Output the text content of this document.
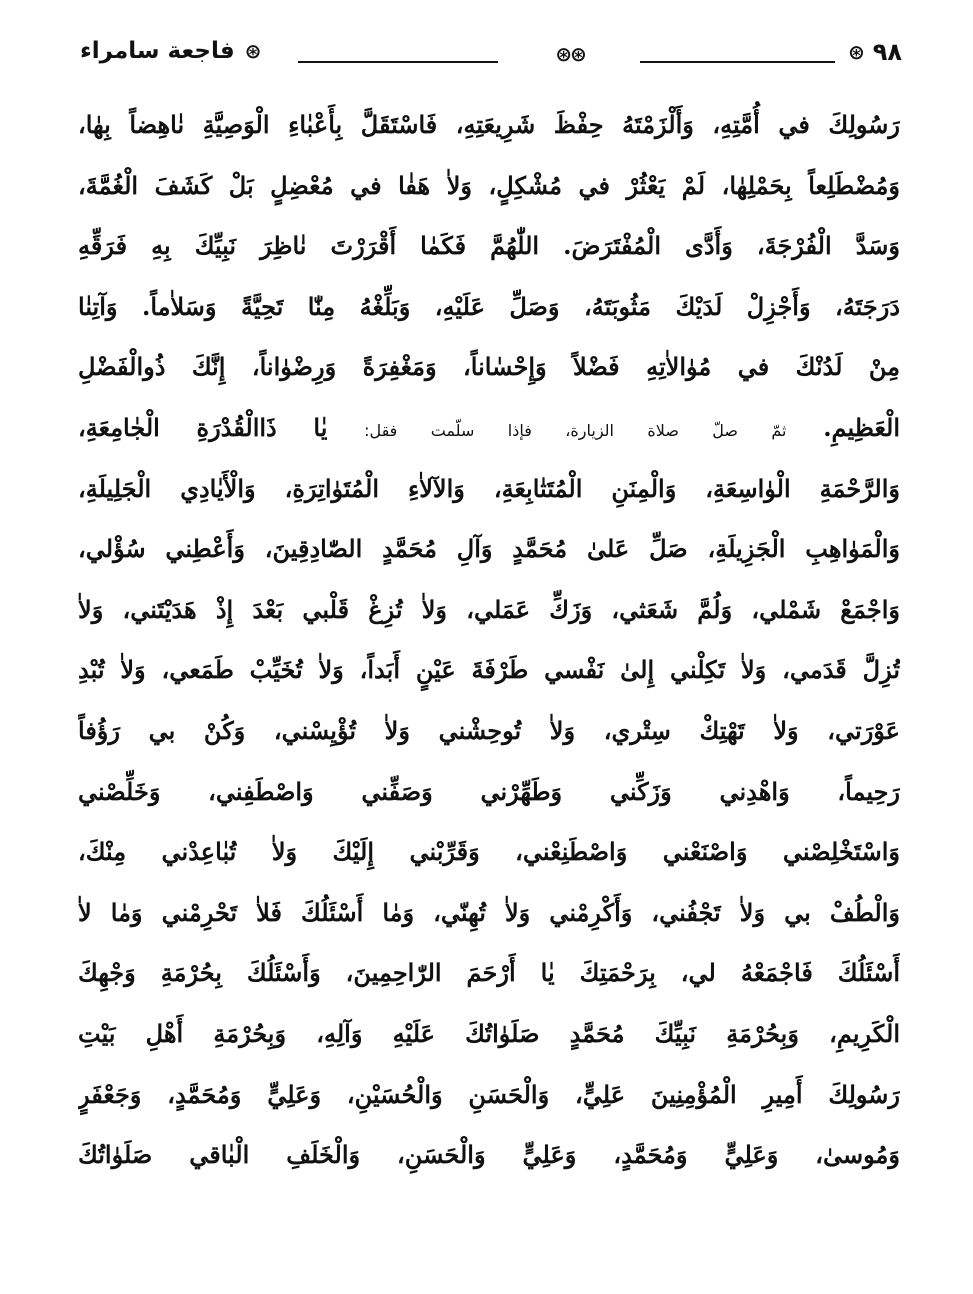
فاجعة سامراء ⊛	⊛⊛	⊛ ٩٨
رَسُولِكَ في أُمَّتِهِ، وَأَلْزَمْتَهُ حِفْظَ شَرِيعَتِهِ، فَاسْتَقَلَّ بِأَعْبٰاءِ الْوَصِيَّةِ نٰاهِضاً بِهٰا،
وَمُضْطَلِعاً بِحَمْلِهٰا، لَمْ يَعْثُرْ في مُشْكِلٍ، وَلاٰ هَفٰا في مُعْضِلٍ بَلْ كَشَفَ الْغُمَّةَ،
وَسَدَّ الْفُرْجَةَ، وَأَدَّى الْمُفْتَرَضَ. اللّٰهُمَّ فَكَمٰا أَقْرَرْتَ نٰاظِرَ نَبِيِّكَ بِهِ فَرَقِّهِ
دَرَجَتَهُ، وَأَجْزِلْ لَدَيْكَ مَثُوبَتَهُ، وَصَلِّ عَلَيْهِ، وَبَلِّغْهُ مِنّٰا تَحِيَّةً وَسَلاٰماً. وَآتِنٰا
مِنْ لَدُنْكَ في مُوٰالاٰتِهِ فَضْلاً وَإِحْسٰاناً، وَمَغْفِرَةً وَرِضْوٰاناً، إِنَّكَ ذُوالْفَضْلِ
الْعَظِيمِ. ثمّ صلّ صلاة الزيارة، فإذا سلّمت فقل: يٰا ذَاالْقُدْرَةِ الْجٰامِعَةِ،
وَالرَّحْمَةِ الْوٰاسِعَةِ، وَالْمِنَنِ الْمُتَتٰابِعَةِ، وَالآلاٰءِ الْمُتَوٰاتِرَةِ، وَالْأَيٰادِي الْجَلِيلَةِ،
وَالْمَوٰاهِبِ الْجَزِيلَةِ، صَلِّ عَلىٰ مُحَمَّدٍ وَآلِ مُحَمَّدٍ الصّٰادِقِينَ، وَأَعْطِني سُؤْلي،
وَاجْمَعْ شَمْلي، وَلُمَّ شَعَثي، وَزَكِّ عَمَلي، وَلاٰ تُزِغْ قَلْبي بَعْدَ إِذْ هَدَيْتَني، وَلاٰ
تُزِلَّ قَدَمي، وَلاٰ تَكِلْني إِلىٰ نَفْسي طَرْفَةَ عَيْنٍ أَبَداً، وَلاٰ تُخَيِّبْ طَمَعي، وَلاٰ تُبْدِ
عَوْرَتي، وَلاٰ تَهْتِكْ سِتْري، وَلاٰ تُوحِشْني وَلاٰ تُؤْيِسْني، وَكُنْ بي رَؤُفاً
رَحِيماً، وَاهْدِني وَزَكِّني وَطَهِّرْني وَصَفِّني وَاصْطَفِني، وَخَلِّصْني
وَاسْتَخْلِصْني وَاصْنَعْني وَاصْطَنِعْني، وَقَرِّبْني إِلَيْكَ وَلاٰ تُبٰاعِدْني مِنْكَ،
وَالْطُفْ بي وَلاٰ تَجْفُني، وَأَكْرِمْني وَلاٰ تُهِنّي، وَمٰا أَسْئَلُكَ فَلاٰ تَحْرِمْني وَمٰا لاٰ
أَسْئَلُكَ فَاجْمَعْهُ لي، بِرَحْمَتِكَ يٰا أَرْحَمَ الرّٰاحِمِينَ، وَأَسْئَلُكَ بِحُرْمَةِ وَجْهِكَ
الْكَرِيمِ، وَبِحُرْمَةِ نَبِيِّكَ مُحَمَّدٍ صَلَوٰاتُكَ عَلَيْهِ وَآلِهِ، وَبِحُرْمَةِ أَهْلِ بَيْتِ
رَسُولِكَ أَمِيرِ الْمُؤْمِنِينَ عَلِيٍّ، وَالْحَسَنِ وَالْحُسَيْنِ، وَعَلِيٍّ وَمُحَمَّدٍ، وَجَعْفَرٍ
وَمُوسىٰ، وَعَلِيٍّ وَمُحَمَّدٍ، وَعَلِيٍّ وَالْحَسَنِ، وَالْخَلَفِ الْبٰاقي صَلَوٰاتُكَ
